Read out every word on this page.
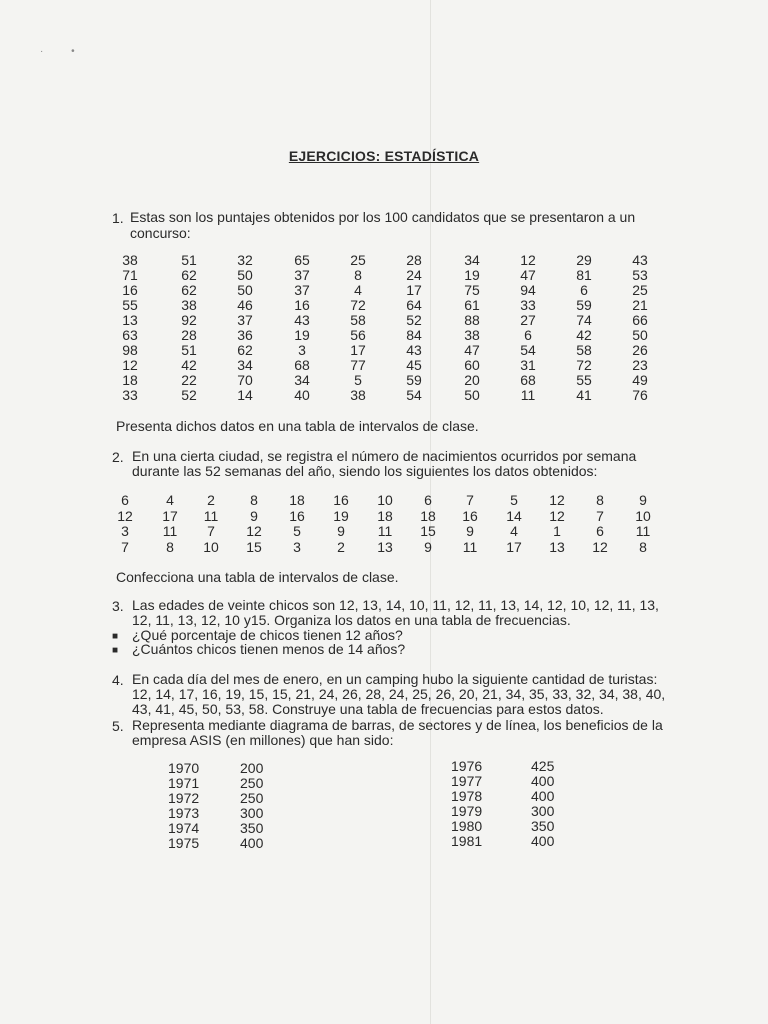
·          •
EJERCICIOS: ESTADÍSTICA
1. Estas son los puntajes obtenidos por los 100 candidatos que se presentaron a un
concurso:
38	51	32	65	25	28	34	12	29	43
71	62	50	37	8	24	19	47	81	53
16	62	50	37	4	17	75	94	6	25
55	38	46	16	72	64	61	33	59	21
13	92	37	43	58	52	88	27	74	66
63	28	36	19	56	84	38	6	42	50
98	51	62	3	17	43	47	54	58	26
12	42	34	68	77	45	60	31	72	23
18	22	70	34	5	59	20	68	55	49
33	52	14	40	38	54	50	11	41	76
Presenta dichos datos en una tabla de intervalos de clase.
2. En una cierta ciudad, se registra el número de nacimientos ocurridos por semana
durante las 52 semanas del año, siendo los siguientes los datos obtenidos:
6	4	2	8	18	16	10	6	7	5	12	8	9
12	17	11	9	16	19	18	18	16	14	12	7	10
3	11	7	12	5	9	11	15	9	4	1	6	11
7	8	10	15	3	2	13	9	11	17	13	12	8
Confecciona una tabla de intervalos de clase.
3. Las edades de veinte chicos son 12, 13, 14, 10, 11, 12, 11, 13, 14, 12, 10, 12, 11, 13,
12, 11, 13, 12, 10 y15. Organiza los datos en una tabla de frecuencias.
■ ¿Qué porcentaje de chicos tienen 12 años?
■ ¿Cuántos chicos tienen menos de 14 años?
4. En cada día del mes de enero, en un camping hubo la siguiente cantidad de turistas:
12, 14, 17, 16, 19, 15, 15, 21, 24, 26, 28, 24, 25, 26, 20, 21, 34, 35, 33, 32, 34, 38, 40,
43, 41, 45, 50, 53, 58. Construye una tabla de frecuencias para estos datos.
5. Representa mediante diagrama de barras, de sectores y de línea, los beneficios de la
empresa ASIS (en millones) que han sido:
1970	200
1971	250
1972	250
1973	300
1974	350
1975	400
1976	425
1977	400
1978	400
1979	300
1980	350
1981	400
